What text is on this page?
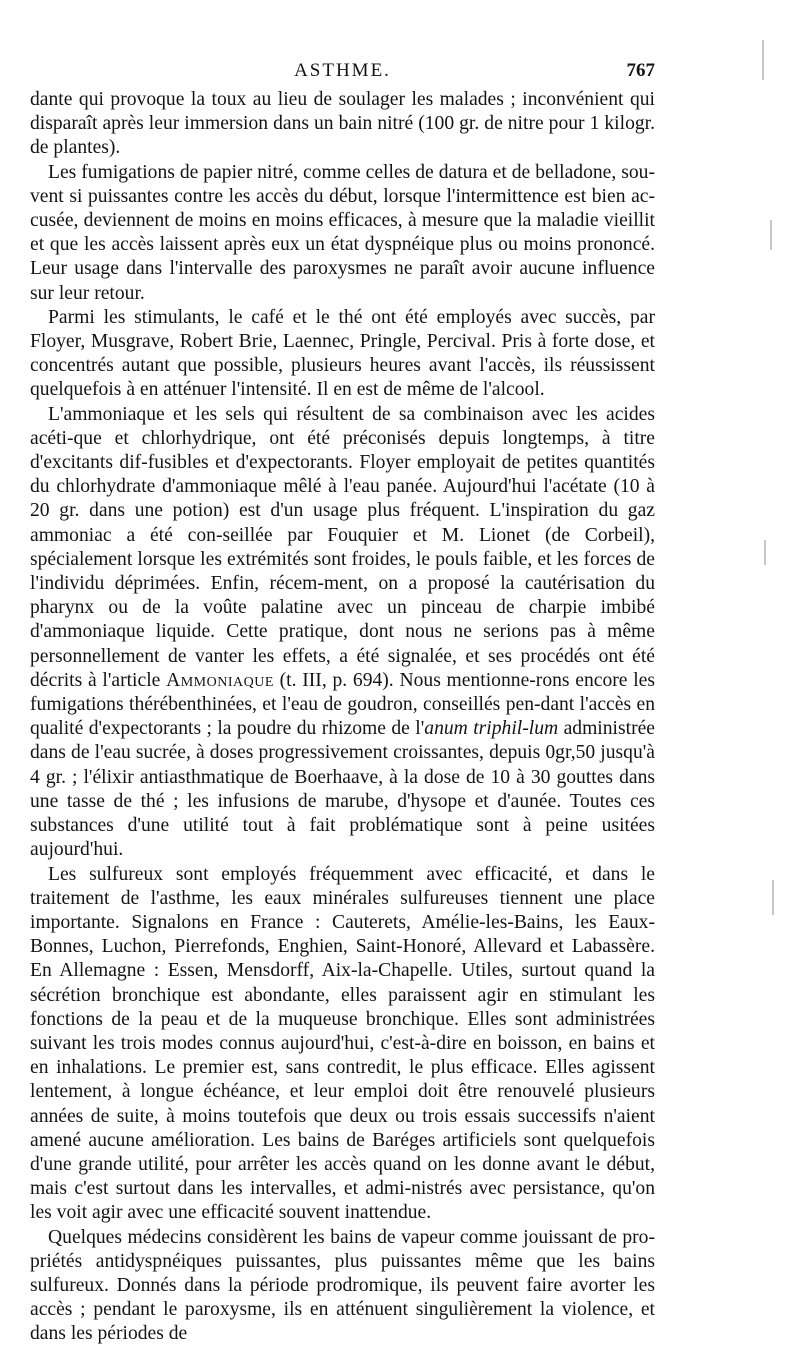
ASTHME.	767

dante qui provoque la toux au lieu de soulager les malades ; inconvénient qui disparaît après leur immersion dans un bain nitré (100 gr. de nitre pour 1 kilogr. de plantes).

Les fumigations de papier nitré, comme celles de datura et de belladone, sou-vent si puissantes contre les accès du début, lorsque l'intermittence est bien ac-cusée, deviennent de moins en moins efficaces, à mesure que la maladie vieillit et que les accès laissent après eux un état dyspnéique plus ou moins prononcé. Leur usage dans l'intervalle des paroxysmes ne paraît avoir aucune influence sur leur retour.

Parmi les stimulants, le café et le thé ont été employés avec succès, par Floyer, Musgrave, Robert Brie, Laennec, Pringle, Percival. Pris à forte dose, et concentrés autant que possible, plusieurs heures avant l'accès, ils réussissent quelquefois à en atténuer l'intensité. Il en est de même de l'alcool.

L'ammoniaque et les sels qui résultent de sa combinaison avec les acides acéti-que et chlorhydrique, ont été préconisés depuis longtemps, à titre d'excitants dif-fusibles et d'expectorants. Floyer employait de petites quantités du chlorhydrate d'ammoniaque mêlé à l'eau panée. Aujourd'hui l'acétate (10 à 20 gr. dans une potion) est d'un usage plus fréquent. L'inspiration du gaz ammoniac a été con-seillée par Fouquier et M. Lionet (de Corbeil), spécialement lorsque les extrémités sont froides, le pouls faible, et les forces de l'individu déprimées. Enfin, récem-ment, on a proposé la cautérisation du pharynx ou de la voûte palatine avec un pinceau de charpie imbibé d'ammoniaque liquide. Cette pratique, dont nous ne serions pas à même personnellement de vanter les effets, a été signalée, et ses procédés ont été décrits à l'article Ammoniaque (t. III, p. 694). Nous mentionne-rons encore les fumigations thérébenthinées, et l'eau de goudron, conseillés pen-dant l'accès en qualité d'expectorants ; la poudre du rhizome de l'anum triphil-lum administrée dans de l'eau sucrée, à doses progressivement croissantes, depuis 0gr,50 jusqu'à 4 gr. ; l'élixir antiasthmatique de Boerhaave, à la dose de 10 à 30 gouttes dans une tasse de thé ; les infusions de marube, d'hysope et d'aunée. Toutes ces substances d'une utilité tout à fait problématique sont à peine usitées aujourd'hui.

Les sulfureux sont employés fréquemment avec efficacité, et dans le traitement de l'asthme, les eaux minérales sulfureuses tiennent une place importante. Signalons en France : Cauterets, Amélie-les-Bains, les Eaux-Bonnes, Luchon, Pierrefonds, Enghien, Saint-Honoré, Allevard et Labassère. En Allemagne : Essen, Mensdorff, Aix-la-Chapelle. Utiles, surtout quand la sécrétion bronchique est abondante, elles paraissent agir en stimulant les fonctions de la peau et de la muqueuse bronchique. Elles sont administrées suivant les trois modes connus aujourd'hui, c'est-à-dire en boisson, en bains et en inhalations. Le premier est, sans contredit, le plus efficace. Elles agissent lentement, à longue échéance, et leur emploi doit être renouvelé plusieurs années de suite, à moins toutefois que deux ou trois essais successifs n'aient amené aucune amélioration. Les bains de Baréges artificiels sont quelquefois d'une grande utilité, pour arrêter les accès quand on les donne avant le début, mais c'est surtout dans les intervalles, et admi-nistrés avec persistance, qu'on les voit agir avec une efficacité souvent inattendue.

Quelques médecins considèrent les bains de vapeur comme jouissant de pro-priétés antidyspnéiques puissantes, plus puissantes même que les bains sulfureux. Donnés dans la période prodromique, ils peuvent faire avorter les accès ; pendant le paroxysme, ils en atténuent singulièrement la violence, et dans les périodes de
